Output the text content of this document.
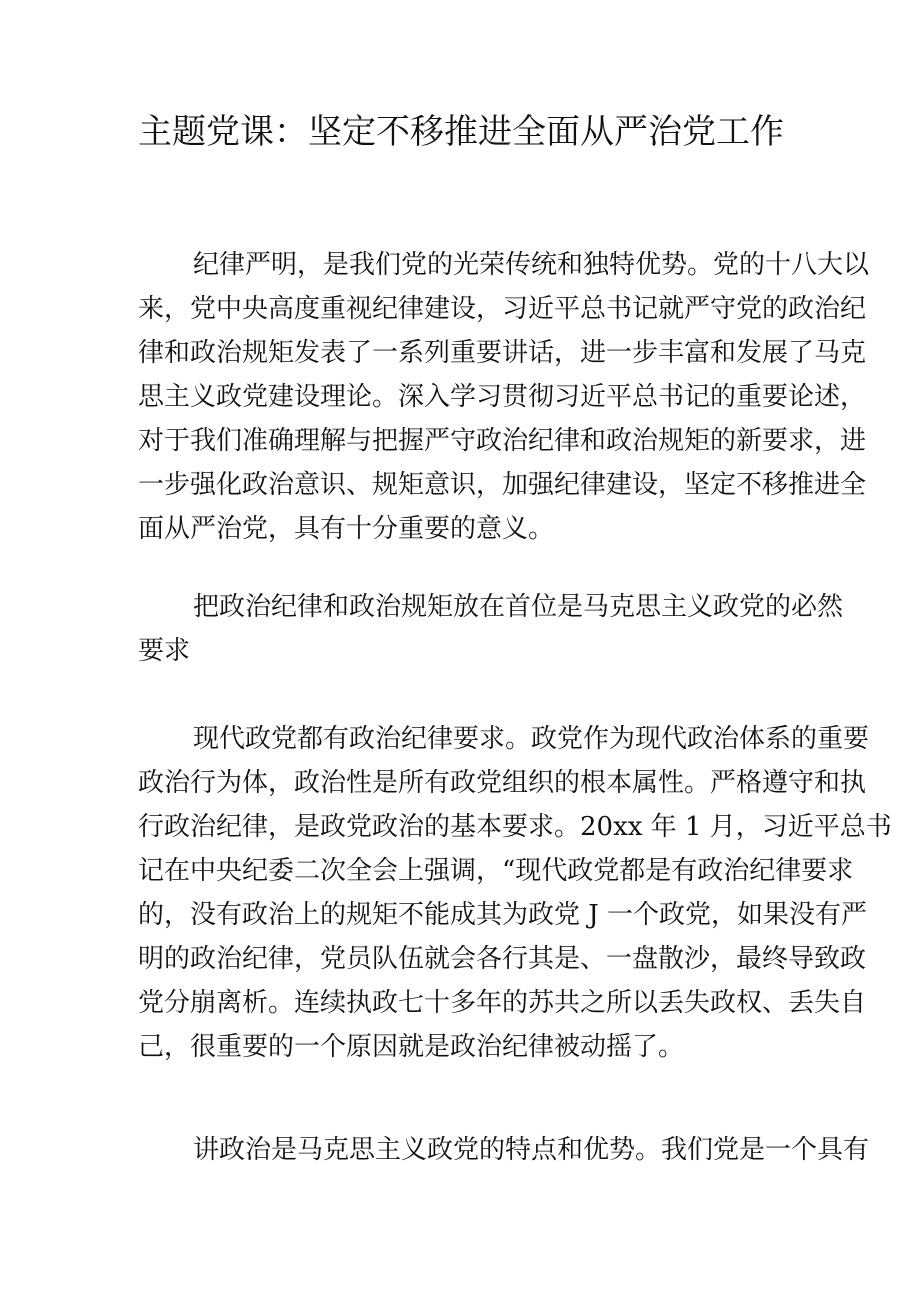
主题党课：坚定不移推进全面从严治党工作
纪律严明，是我们党的光荣传统和独特优势。党的十八大以
来，党中央高度重视纪律建设，习近平总书记就严守党的政治纪
律和政治规矩发表了一系列重要讲话，进一步丰富和发展了马克
思主义政党建设理论。深入学习贯彻习近平总书记的重要论述，
对于我们准确理解与把握严守政治纪律和政治规矩的新要求，进
一步强化政治意识、规矩意识，加强纪律建设，坚定不移推进全
面从严治党，具有十分重要的意义。
把政治纪律和政治规矩放在首位是马克思主义政党的必然
要求
现代政党都有政治纪律要求。政党作为现代政治体系的重要
政治行为体，政治性是所有政党组织的根本属性。严格遵守和执
行政治纪律，是政党政治的基本要求。20xx 年 1 月，习近平总书
记在中央纪委二次全会上强调，“现代政党都是有政治纪律要求
的，没有政治上的规矩不能成其为政党 J 一个政党，如果没有严
明的政治纪律，党员队伍就会各行其是、一盘散沙，最终导致政
党分崩离析。连续执政七十多年的苏共之所以丢失政权、丢失自
己，很重要的一个原因就是政治纪律被动摇了。
讲政治是马克思主义政党的特点和优势。我们党是一个具有
